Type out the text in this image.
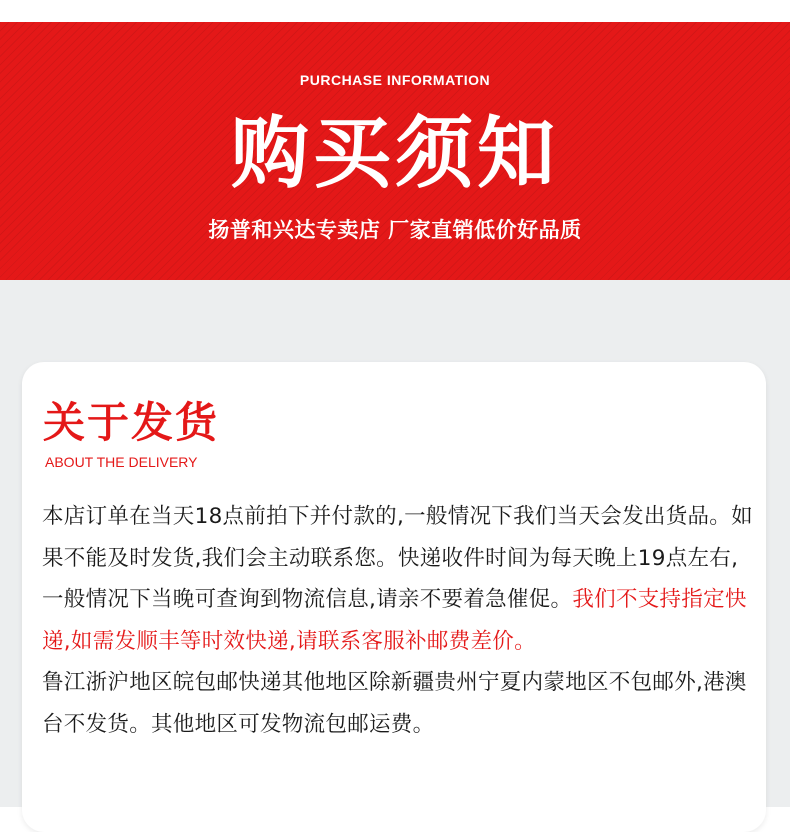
PURCHASE INFORMATION
购买须知
扬普和兴达专卖店 厂家直销低价好品质
关于发货
ABOUT THE DELIVERY

本店订单在当天18点前拍下并付款的,一般情况下我们当天会发出货品。如果不能及时发货,我们会主动联系您。快递收件时间为每天晚上19点左右,一般情况下当晚可查询到物流信息,请亲不要着急催促。我们不支持指定快递,如需发顺丰等时效快递,请联系客服补邮费差价。

鲁江浙沪地区皖包邮快递其他地区除新疆贵州宁夏内蒙地区不包邮外,港澳台不发货。其他地区可发物流包邮运费。
